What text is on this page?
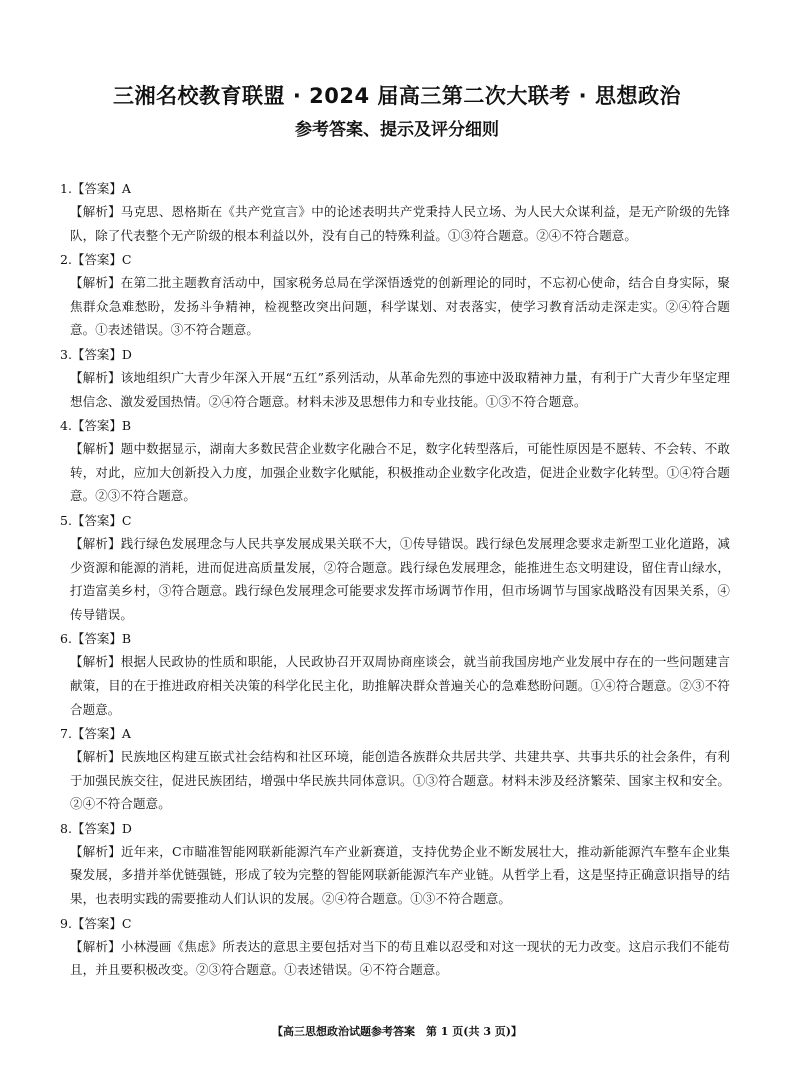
三湘名校教育联盟 · 2024 届高三第二次大联考 · 思想政治
参考答案、提示及评分细则
1.【答案】A
【解析】马克思、恩格斯在《共产党宣言》中的论述表明共产党秉持人民立场、为人民大众谋利益，是无产阶级的先锋队，除了代表整个无产阶级的根本利益以外，没有自己的特殊利益。①③符合题意。②④不符合题意。
2.【答案】C
【解析】在第二批主题教育活动中，国家税务总局在学深悟透党的创新理论的同时，不忘初心使命，结合自身实际，聚焦群众急难愁盼，发扬斗争精神，检视整改突出问题，科学谋划、对表落实，使学习教育活动走深走实。②④符合题意。①表述错误。③不符合题意。
3.【答案】D
【解析】该地组织广大青少年深入开展“五红”系列活动，从革命先烈的事迹中汲取精神力量，有利于广大青少年坚定理想信念、激发爱国热情。②④符合题意。材料未涉及思想伟力和专业技能。①③不符合题意。
4.【答案】B
【解析】题中数据显示，湖南大多数民营企业数字化融合不足，数字化转型落后，可能性原因是不愿转、不会转、不敢转，对此，应加大创新投入力度，加强企业数字化赋能，积极推动企业数字化改造，促进企业数字化转型。①④符合题意。②③不符合题意。
5.【答案】C
【解析】践行绿色发展理念与人民共享发展成果关联不大，①传导错误。践行绿色发展理念要求走新型工业化道路，减少资源和能源的消耗，进而促进高质量发展，②符合题意。践行绿色发展理念，能推进生态文明建设，留住青山绿水，打造富美乡村，③符合题意。践行绿色发展理念可能要求发挥市场调节作用，但市场调节与国家战略没有因果关系，④传导错误。
6.【答案】B
【解析】根据人民政协的性质和职能，人民政协召开双周协商座谈会，就当前我国房地产业发展中存在的一些问题建言献策，目的在于推进政府相关决策的科学化民主化，助推解决群众普遍关心的急难愁盼问题。①④符合题意。②③不符合题意。
7.【答案】A
【解析】民族地区构建互嵌式社会结构和社区环境，能创造各族群众共居共学、共建共享、共事共乐的社会条件，有利于加强民族交往，促进民族团结，增强中华民族共同体意识。①③符合题意。材料未涉及经济繁荣、国家主权和安全。②④不符合题意。
8.【答案】D
【解析】近年来，C市瞄准智能网联新能源汽车产业新赛道，支持优势企业不断发展壮大，推动新能源汽车整车企业集聚发展，多措并举优链强链，形成了较为完整的智能网联新能源汽车产业链。从哲学上看，这是坚持正确意识指导的结果，也表明实践的需要推动人们认识的发展。②④符合题意。①③不符合题意。
9.【答案】C
【解析】小林漫画《焦虑》所表达的意思主要包括对当下的苟且难以忍受和对这一现状的无力改变。这启示我们不能苟且，并且要积极改变。②③符合题意。①表述错误。④不符合题意。
【高三思想政治试题参考答案　第 1 页(共 3 页)】
